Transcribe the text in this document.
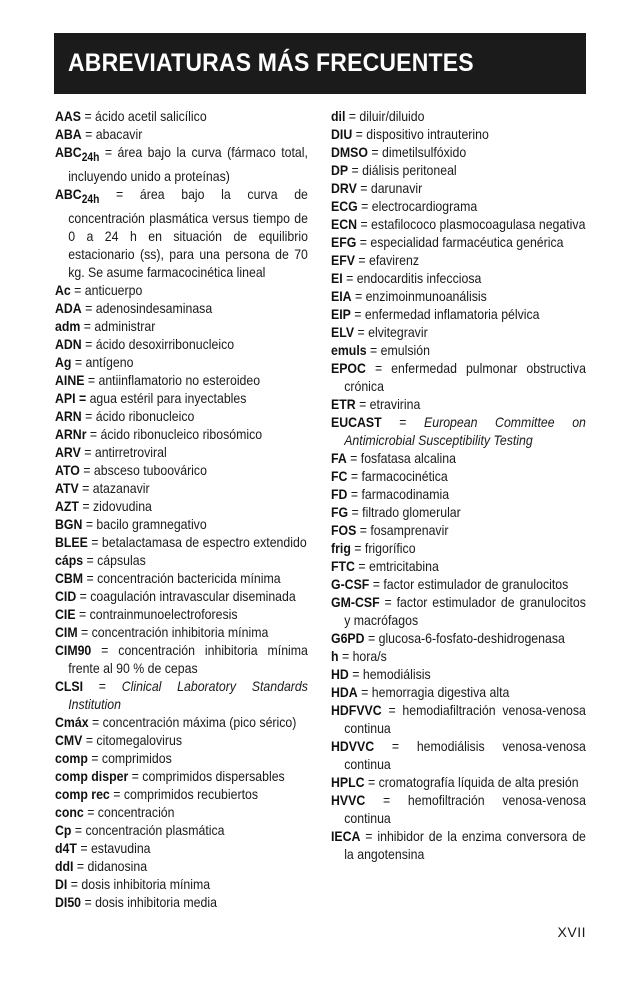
ABREVIATURAS MÁS FRECUENTES
AAS = ácido acetil salicílico
ABA = abacavir
$ABC_{24h}$ = área bajo la curva (fármaco total, incluyendo unido a proteínas)
$ABC_{24h}$ = área bajo la curva de concentración plasmática versus tiempo de 0 a 24 h en situación de equilibrio estacionario (ss), para una persona de 70 kg. Se asume farmacocinética lineal
Ac = anticuerpo
ADA = adenosindesaminasa
adm = administrar
ADN = ácido desoxirribonucleico
Ag = antígeno
AINE = antiinflamatorio no esteroideo
API = agua estéril para inyectables
ARN = ácido ribonucleico
ARNr = ácido ribonucleico ribosómico
ARV = antirretroviral
ATO = absceso tuboovárico
ATV = atazanavir
AZT = zidovudina
BGN = bacilo gramnegativo
BLEE = betalactamasa de espectro extendido
cáps = cápsulas
CBM = concentración bactericida mínima
CID = coagulación intravascular diseminada
CIE = contrainmunoelectroforesis
CIM = concentración inhibitoria mínima
CIM90 = concentración inhibitoria mínima frente al 90 % de cepas
CLSI = Clinical Laboratory Standards Institution
Cmáx = concentración máxima (pico sérico)
CMV = citomegalovirus
comp = comprimidos
comp disper = comprimidos dispersables
comp rec = comprimidos recubiertos
conc = concentración
Cp = concentración plasmática
d4T = estavudina
ddI = didanosina
DI = dosis inhibitoria mínima
DI50 = dosis inhibitoria media
dil = diluir/diluido
DIU = dispositivo intrauterino
DMSO = dimetilsulfóxido
DP = diálisis peritoneal
DRV = darunavir
ECG = electrocardiograma
ECN = estafilococo plasmocoagulasa negativa
EFG = especialidad farmacéutica genérica
EFV = efavirenz
EI = endocarditis infecciosa
EIA = enzimoinmunoanálisis
EIP = enfermedad inflamatoria pélvica
ELV = elvitegravir
emuls = emulsión
EPOC = enfermedad pulmonar obstructiva crónica
ETR = etravirina
EUCAST = European Committee on Antimicrobial Susceptibility Testing
FA = fosfatasa alcalina
FC = farmacocinética
FD = farmacodinamia
FG = filtrado glomerular
FOS = fosamprenavir
frig = frigorífico
FTC = emtricitabina
G-CSF = factor estimulador de granulocitos
GM-CSF = factor estimulador de granulocitos y macrófagos
G6PD = glucosa-6-fosfato-deshidrogenasa
h = hora/s
HD = hemodiálisis
HDA = hemorragia digestiva alta
HDFVVC = hemodiafiltración venosa-venosa continua
HDVVC = hemodiálisis venosa-venosa continua
HPLC = cromatografía líquida de alta presión
HVVC = hemofiltración venosa-venosa continua
IECA = inhibidor de la enzima conversora de la angotensina
XVII
